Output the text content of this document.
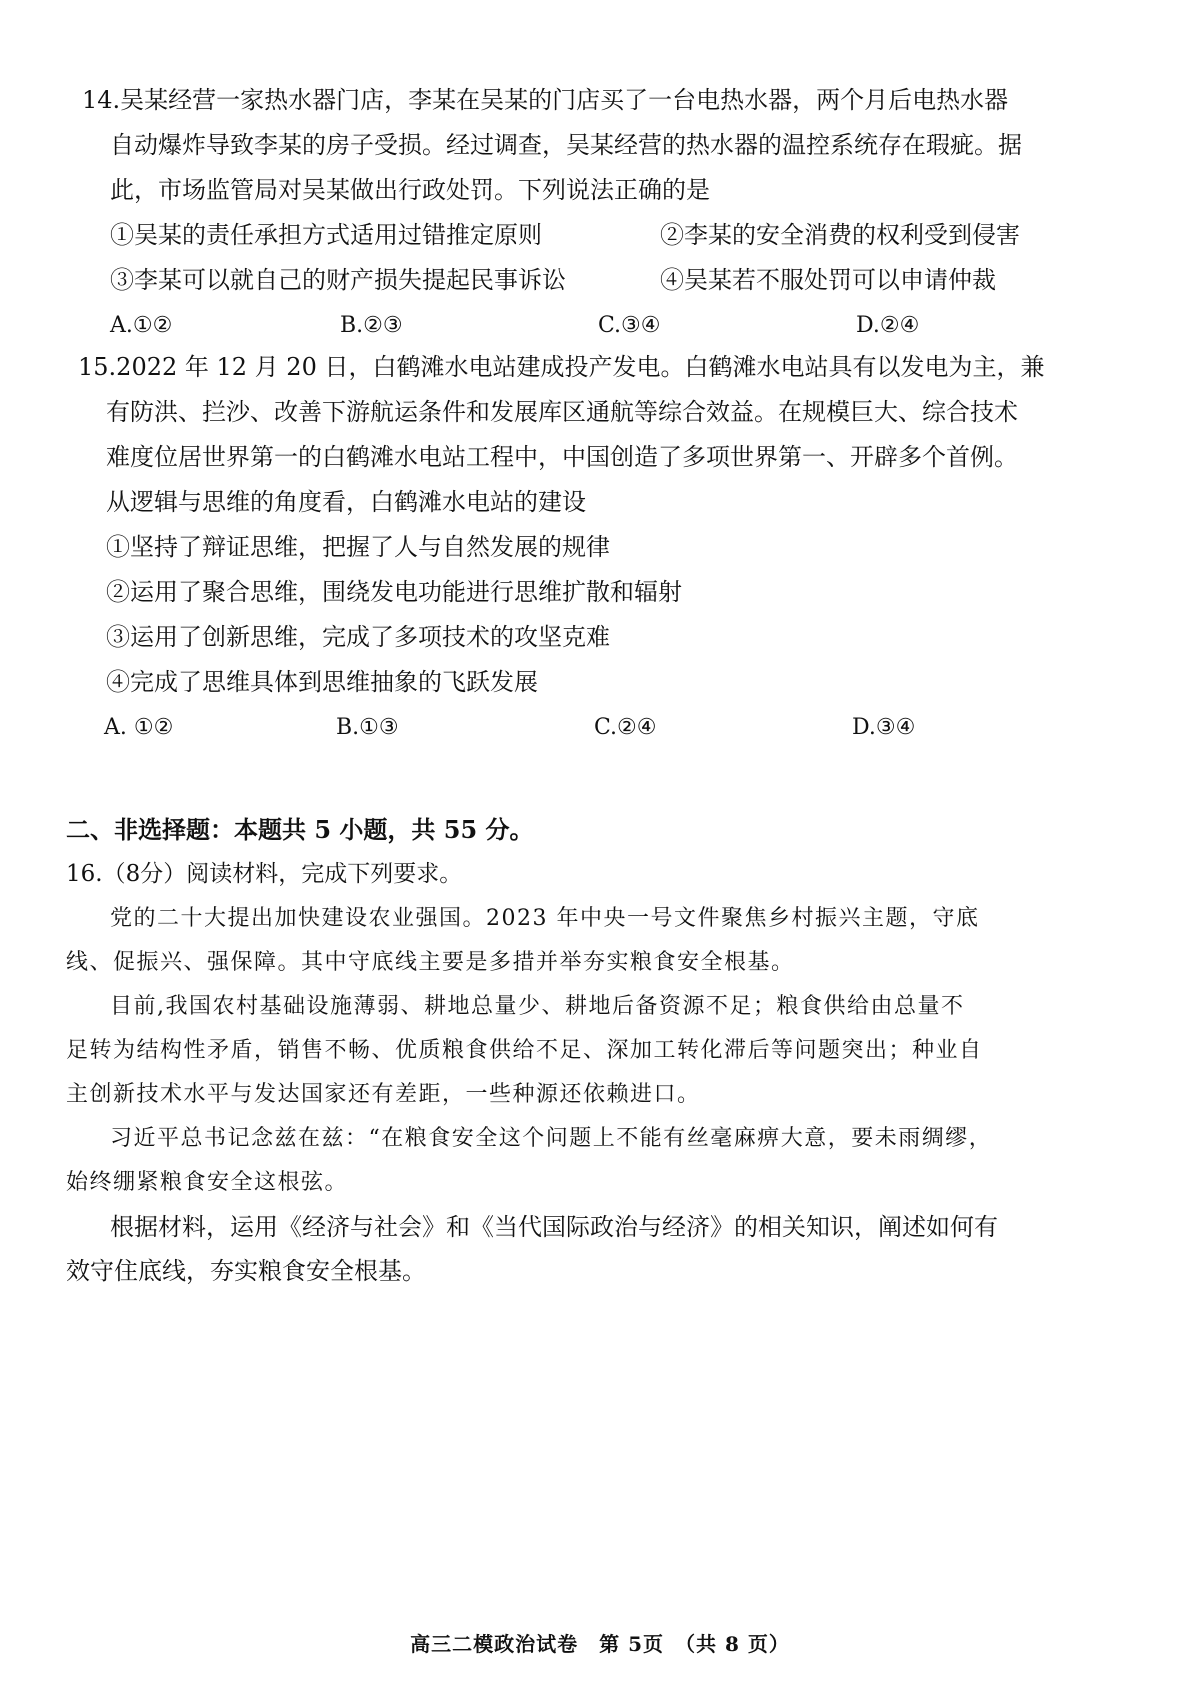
14.吴某经营一家热水器门店，李某在吴某的门店买了一台电热水器，两个月后电热水器
自动爆炸导致李某的房子受损。经过调查，吴某经营的热水器的温控系统存在瑕疵。据
此，市场监管局对吴某做出行政处罚。下列说法正确的是
①吴某的责任承担方式适用过错推定原则	②李某的安全消费的权利受到侵害
③李某可以就自己的财产损失提起民事诉讼	④吴某若不服处罚可以申请仲裁
A.①②	B.②③	C.③④	D.②④
15.2022 年 12 月 20 日，白鹤滩水电站建成投产发电。白鹤滩水电站具有以发电为主，兼
有防洪、拦沙、改善下游航运条件和发展库区通航等综合效益。在规模巨大、综合技术
难度位居世界第一的白鹤滩水电站工程中，中国创造了多项世界第一、开辟多个首例。
从逻辑与思维的角度看，白鹤滩水电站的建设
①坚持了辩证思维，把握了人与自然发展的规律
②运用了聚合思维，围绕发电功能进行思维扩散和辐射
③运用了创新思维，完成了多项技术的攻坚克难
④完成了思维具体到思维抽象的飞跃发展
A. ①②	B.①③	C.②④	D.③④
二、非选择题：本题共 5 小题，共 55 分。
16.（8分）阅读材料，完成下列要求。
党的二十大提出加快建设农业强国。2023 年中央一号文件聚焦乡村振兴主题，守底
线、促振兴、强保障。其中守底线主要是多措并举夯实粮食安全根基。
目前,我国农村基础设施薄弱、耕地总量少、耕地后备资源不足；粮食供给由总量不
足转为结构性矛盾，销售不畅、优质粮食供给不足、深加工转化滞后等问题突出；种业自
主创新技术水平与发达国家还有差距，一些种源还依赖进口。
习近平总书记念兹在兹：“在粮食安全这个问题上不能有丝毫麻痹大意，要未雨绸缪，
始终绷紧粮食安全这根弦。
根据材料，运用《经济与社会》和《当代国际政治与经济》的相关知识，阐述如何有
效守住底线，夯实粮食安全根基。
高三二模政治试卷　第 5页　（共 8 页）
